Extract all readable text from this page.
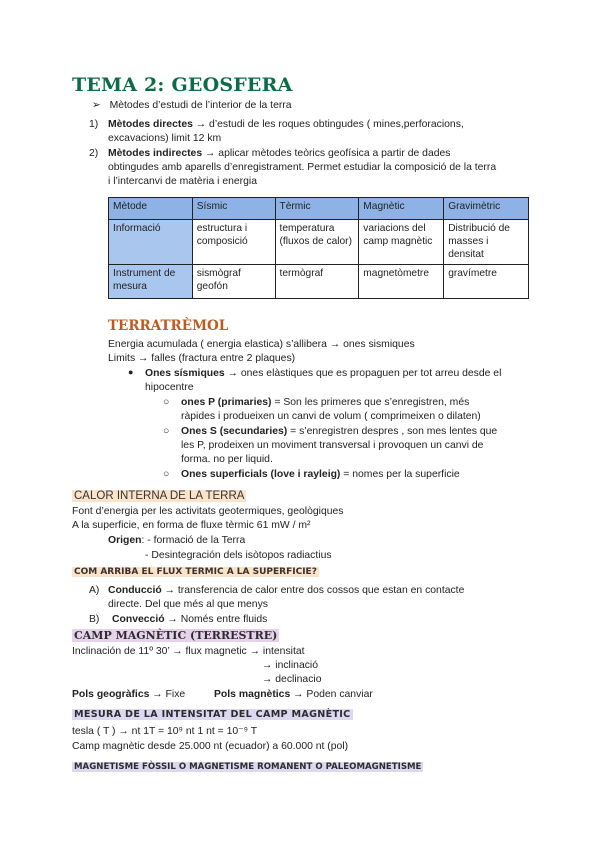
TEMA 2: GEOSFERA
➢ Mètodes d’estudi de l’interior de la terra
1) Mètodes directes → d’estudi de les roques obtingudes ( mines,perforacions,
excavacions) limit 12 km
2) Mètodes indirectes → aplicar mètodes teòrics geofísica a partir de dades
obtingudes amb aparells d’enregistrament. Permet estudiar la composició de la terra
i l’intercanvi de matèria i energia
Mètode	Sísmic	Tèrmic	Magnètic	Gravimètric
Informació	estructura i composició	temperatura (fluxos de calor)	variacions del camp magnètic	Distribució de masses i densitat
Instrument de mesura	sismògraf geofón	termògraf	magnetòmetre	gravímetre
TERRATRÈMOL
Energia acumulada ( energia elastica) s’allibera → ones sismiques
Limits → falles (fractura entre 2 plaques)
● Ones sísmiques → ones elàstiques que es propaguen per tot arreu desde el
hipocentre
○ ones P (primaries) = Son les primeres que s’enregistren, més
ràpides i produeixen un canvi de volum ( comprimeixen o dilaten)
○ Ones S (secundaries) = s’enregistren despres , son mes lentes que
les P, prodeixen un moviment transversal i provoquen un canvi de
forma. no per liquid.
○ Ones superficials (love i rayleig) = nomes per la superficie
CALOR INTERNA DE LA TERRA
Font d’energia per les activitats geotermiques, geològiques
A la superficie, en forma de fluxe tèrmic 61 mW / m²
Origen: - formació de la Terra
- Desintegración dels isòtopos radiactius
COM ARRIBA EL FLUX TERMIC A LA SUPERFICIE?
A) Conducció → transferencia de calor entre dos cossos que estan en contacte
directe. Del que més al que menys
B) Convecció → Només entre fluids
CAMP MAGNÈTIC (TERRESTRE)
Inclinación de 11º 30’ → flux magnetic → intensitat
→ inclinació
→ declinacio
Pols geogràfics → Fixe	Pols magnètics → Poden canviar
MESURA DE LA INTENSITAT DEL CAMP MAGNÈTIC
tesla ( T ) → nt 1T = 10⁹ nt 1 nt = 10⁻⁹ T
Camp magnètic desde 25.000 nt (ecuador) a 60.000 nt (pol)
MAGNETISME FÒSSIL O MAGNETISME ROMANENT O PALEOMAGNETISME
